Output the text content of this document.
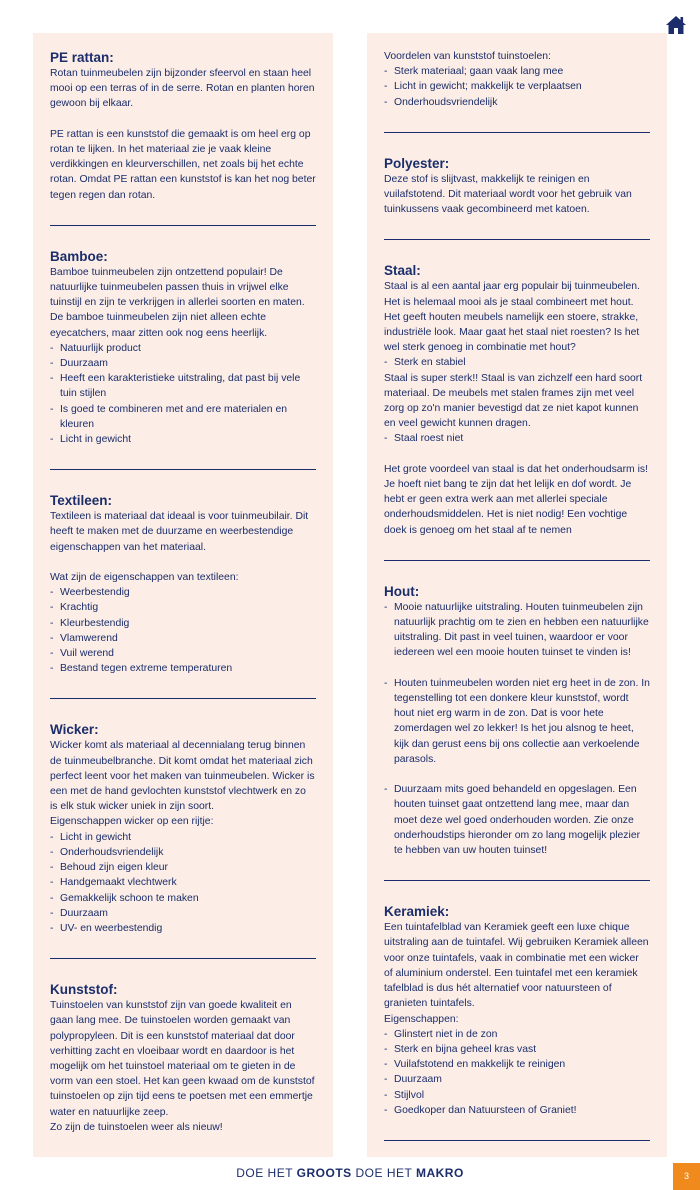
PE rattan:

Rotan tuinmeubelen zijn bijzonder sfeervol en staan heel mooi op een terras of in de serre. Rotan en planten horen gewoon bij elkaar.

PE rattan is een kunststof die gemaakt is om heel erg op rotan te lijken. In het materiaal zie je vaak kleine verdikkingen en kleurverschillen, net zoals bij het echte rotan. Omdat PE rattan een kunststof is kan het nog beter tegen regen dan rotan.

Bamboe:

Bamboe tuinmeubelen zijn ontzettend populair! De natuurlijke tuinmeubelen passen thuis in vrijwel elke tuinstijl en zijn te verkrijgen in allerlei soorten en maten. De bamboe tuinmeubelen zijn niet alleen echte eyecatchers, maar zitten ook nog eens heerlijk.

- Natuurlijk product
- Duurzaam
- Heeft een karakteristieke uitstraling, dat past bij vele tuin stijlen
- Is goed te combineren met and ere materialen en kleuren
- Licht in gewicht
Textileen:

Textileen is materiaal dat ideaal is voor tuinmeubilair. Dit heeft te maken met de duurzame en weerbestendige eigenschappen van het materiaal.

Wat zijn de eigenschappen van textileen:

- Weerbestendig
- Krachtig
- Kleurbestendig
- Vlamwerend
- Vuil werend
- Bestand tegen extreme temperaturen
Wicker:

Wicker komt als materiaal al decennialang terug binnen de tuinmeubelbranche. Dit komt omdat het materiaal zich perfect leent voor het maken van tuinmeubelen. Wicker is een met de hand gevlochten kunststof vlechtwerk en zo is elk stuk wicker uniek in zijn soort.

Eigenschappen wicker op een rijtje:
- Licht in gewicht
- Onderhoudsvriendelijk
- Behoud zijn eigen kleur
- Handgemaakt vlechtwerk
- Gemakkelijk schoon te maken
- Duurzaam
- UV- en weerbestendig
Kunststof:
Tuinstoelen van kunststof zijn van goede kwaliteit en gaan lang mee. De tuinstoelen worden gemaakt van polypropyleen. Dit is een kunststof materiaal dat door verhitting zacht en vloeibaar wordt en daardoor is het mogelijk om het tuinstoel materiaal om te gieten in de vorm van een stoel. Het kan geen kwaad om de kunststof tuinstoelen op zijn tijd eens te poetsen met een emmertje water en natuurlijke zeep.
Zo zijn de tuinstoelen weer als nieuw!

Voordelen van kunststof tuinstoelen:

- Sterk materiaal; gaan vaak lang mee
- Licht in gewicht; makkelijk te verplaatsen
- Onderhoudsvriendelijk
Polyester:

Deze stof is slijtvast, makkelijk te reinigen en vuilafstotend. Dit materiaal wordt voor het gebruik van tuinkussens vaak gecombineerd met katoen.

Staal:

Staal is al een aantal jaar erg populair bij tuinmeubelen. Het is helemaal mooi als je staal combineert met hout. Het geeft houten meubels namelijk een stoere, strakke, industriële look. Maar gaat het staal niet roesten? Is het wel sterk genoeg in combinatie met hout?

- Sterk en stabiel
Staal is super sterk!! Staal is van zichzelf een hard soort materiaal. De meubels met stalen frames zijn met veel zorg op zo'n manier bevestigd dat ze niet kapot kunnen en veel gewicht kunnen dragen.
- Staal roest niet

Het grote voordeel van staal is dat het onderhoudsarm is! Je hoeft niet bang te zijn dat het lelijk en dof wordt. Je hebt er geen extra werk aan met allerlei speciale onderhoudsmiddelen. Het is niet nodig! Een vochtige doek is genoeg om het staal af te nemen

Hout:
- Mooie natuurlijke uitstraling. Houten tuinmeubelen zijn natuurlijk prachtig om te zien en hebben een natuurlijke uitstraling. Dit past in veel tuinen, waardoor er voor iedereen wel een mooie houten tuinset te vinden is!
- Houten tuinmeubelen worden niet erg heet in de zon. In tegenstelling tot een donkere kleur kunststof, wordt hout niet erg warm in de zon. Dat is voor hete zomerdagen wel zo lekker! Is het jou alsnog te heet, kijk dan gerust eens bij ons collectie aan verkoelende parasols.
- Duurzaam mits goed behandeld en opgeslagen. Een houten tuinset gaat ontzettend lang mee, maar dan moet deze wel goed onderhouden worden. Zie onze onderhoudstips hieronder om zo lang mogelijk plezier te hebben van uw houten tuinset!
Keramiek:
Een tuintafelblad van Keramiek geeft een luxe chique uitstraling aan de tuintafel. Wij gebruiken Keramiek alleen voor onze tuintafels, vaak in combinatie met een wicker of aluminium onderstel. Een tuintafel met een keramiek tafelblad is dus hét alternatief voor natuursteen of granieten tuintafels.
Eigenschappen:
- Glinstert niet in de zon
- Sterk en bijna geheel kras vast
- Vuilafstotend en makkelijk te reinigen
- Duurzaam
- Stijlvol
- Goedkoper dan Natuursteen of Graniet!
DOE HET GROOTS DOE HET MAKRO	3
